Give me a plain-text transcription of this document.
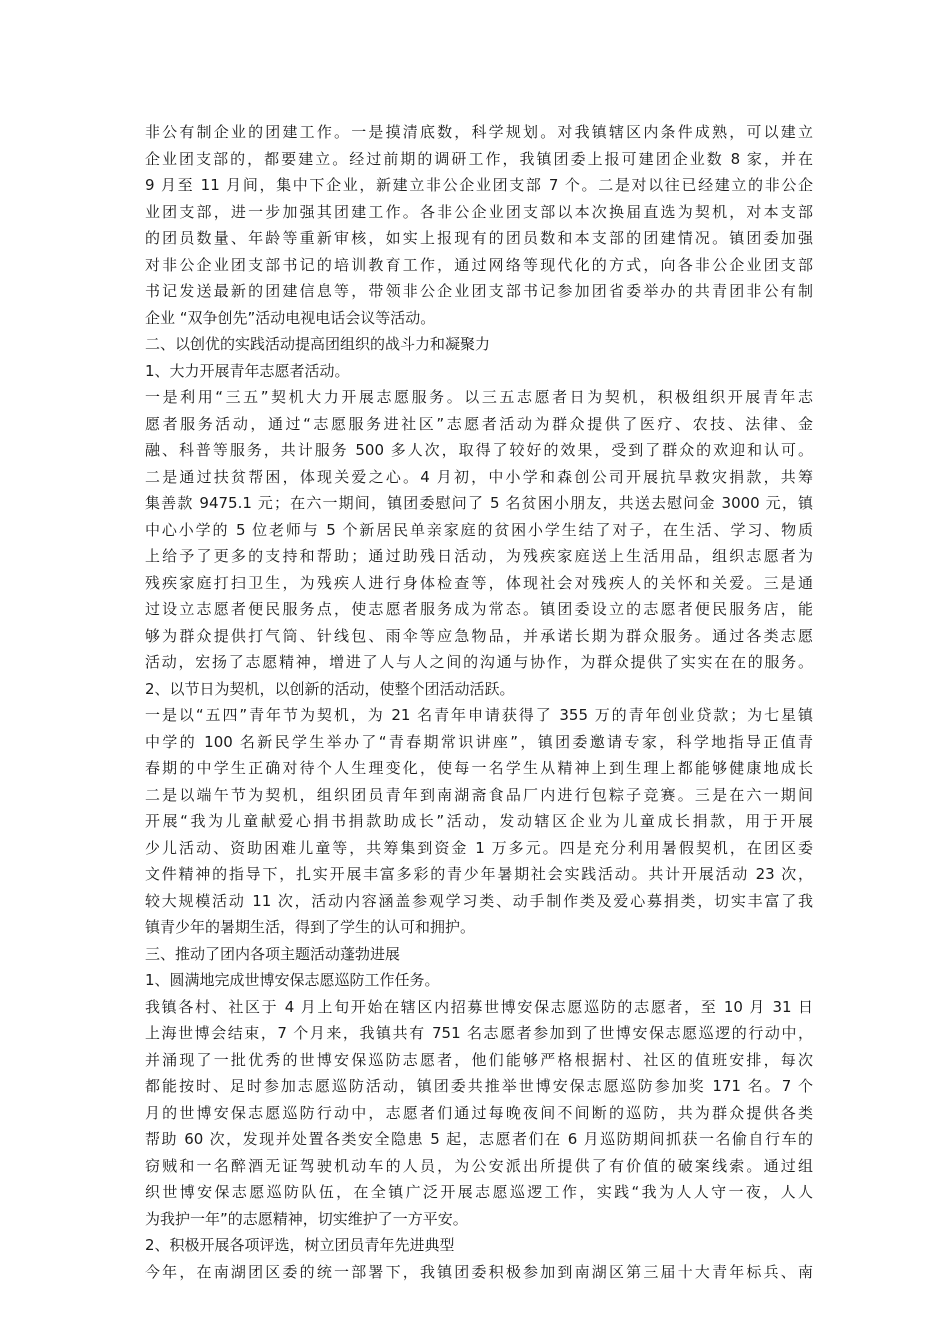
非公有制企业的团建工作。一是摸清底数，科学规划。对我镇辖区内条件成熟，可以建立
企业团支部的，都要建立。经过前期的调研工作，我镇团委上报可建团企业数 8 家，并在
9 月至 11 月间，集中下企业，新建立非公企业团支部 7 个。二是对以往已经建立的非公企
业团支部，进一步加强其团建工作。各非公企业团支部以本次换届直选为契机，对本支部
的团员数量、年龄等重新审核，如实上报现有的团员数和本支部的团建情况。镇团委加强
对非公企业团支部书记的培训教育工作，通过网络等现代化的方式，向各非公企业团支部
书记发送最新的团建信息等，带领非公企业团支部书记参加团省委举办的共青团非公有制
企业 “双争创先”活动电视电话会议等活动。
二、以创优的实践活动提高团组织的战斗力和凝聚力
1、大力开展青年志愿者活动。
一是利用“三五”契机大力开展志愿服务。以三五志愿者日为契机，积极组织开展青年志
愿者服务活动，通过“志愿服务进社区”志愿者活动为群众提供了医疗、农技、法律、金
融、科普等服务，共计服务 500 多人次，取得了较好的效果，受到了群众的欢迎和认可。
二是通过扶贫帮困，体现关爱之心。4 月初，中小学和森创公司开展抗旱救灾捐款，共筹
集善款 9475.1 元；在六一期间，镇团委慰问了 5 名贫困小朋友，共送去慰问金 3000 元，镇
中心小学的 5 位老师与 5 个新居民单亲家庭的贫困小学生结了对子，在生活、学习、物质
上给予了更多的支持和帮助；通过助残日活动，为残疾家庭送上生活用品，组织志愿者为
残疾家庭打扫卫生，为残疾人进行身体检查等，体现社会对残疾人的关怀和关爱。三是通
过设立志愿者便民服务点，使志愿者服务成为常态。镇团委设立的志愿者便民服务店，能
够为群众提供打气筒、针线包、雨伞等应急物品，并承诺长期为群众服务。通过各类志愿
活动，宏扬了志愿精神，增进了人与人之间的沟通与协作，为群众提供了实实在在的服务。
2、以节日为契机，以创新的活动，使整个团活动活跃。
一是以“五四”青年节为契机，为 21 名青年申请获得了 355 万的青年创业贷款；为七星镇
中学的 100 名新民学生举办了“青春期常识讲座”，镇团委邀请专家，科学地指导正值青
春期的中学生正确对待个人生理变化，使每一名学生从精神上到生理上都能够健康地成长
二是以端午节为契机，组织团员青年到南湖斋食品厂内进行包粽子竞赛。三是在六一期间
开展“我为儿童献爱心捐书捐款助成长”活动，发动辖区企业为儿童成长捐款，用于开展
少儿活动、资助困难儿童等，共筹集到资金 1 万多元。四是充分利用暑假契机，在团区委
文件精神的指导下，扎实开展丰富多彩的青少年暑期社会实践活动。共计开展活动 23 次，
较大规模活动 11 次，活动内容涵盖参观学习类、动手制作类及爱心募捐类，切实丰富了我
镇青少年的暑期生活，得到了学生的认可和拥护。
三、推动了团内各项主题活动蓬勃进展
1、圆满地完成世博安保志愿巡防工作任务。
我镇各村、社区于 4 月上旬开始在辖区内招募世博安保志愿巡防的志愿者，至 10 月 31 日
上海世博会结束，7 个月来，我镇共有 751 名志愿者参加到了世博安保志愿巡逻的行动中，
并涌现了一批优秀的世博安保巡防志愿者，他们能够严格根据村、社区的值班安排，每次
都能按时、足时参加志愿巡防活动，镇团委共推举世博安保志愿巡防参加奖 171 名。7 个
月的世博安保志愿巡防行动中，志愿者们通过每晚夜间不间断的巡防，共为群众提供各类
帮助 60 次，发现并处置各类安全隐患 5 起，志愿者们在 6 月巡防期间抓获一名偷自行车的
窃贼和一名醉酒无证驾驶机动车的人员，为公安派出所提供了有价值的破案线索。通过组
织世博安保志愿巡防队伍，在全镇广泛开展志愿巡逻工作，实践“我为人人守一夜，人人
为我护一年”的志愿精神，切实维护了一方平安。
2、积极开展各项评选，树立团员青年先进典型
今年，在南湖团区委的统一部署下，我镇团委积极参加到南湖区第三届十大青年标兵、南
